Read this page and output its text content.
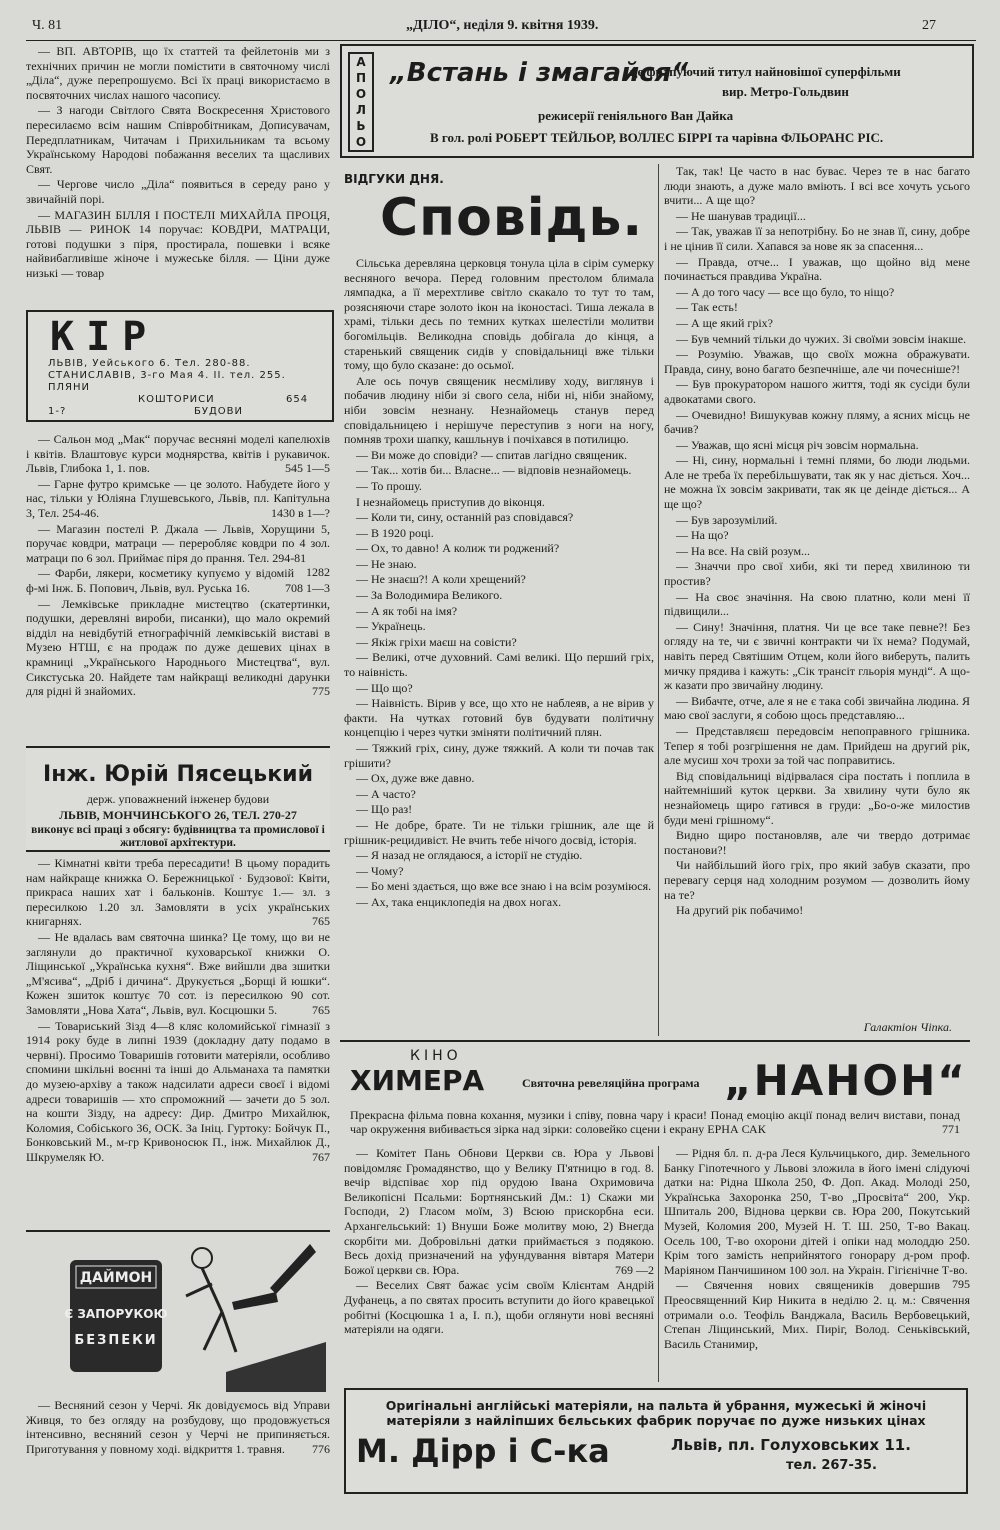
Ч. 81	„ДІЛО“, неділя 9. квітня 1939.	27

— ВП. АВТОРІВ, що їх статтей та фейлетонів ми з технічних причин не могли помістити в святочному числі „Діла“, дуже перепрошуємо. Всі їх праці використаємо в посвяточних числах нашого часопису.

— З нагоди Світлого Свята Воскресення Христового пересилаємо всім нашим Співробітникам, Дописувачам, Передплатникам, Читачам і Прихильникам та всьому Українському Народові побажання веселих та щасливих Свят.

— Чергове число „Діла“ появиться в середу рано у звичайній порі.

— МАГАЗИН БІЛЛЯ І ПОСТЕЛІ МИХАЙЛА ПРОЦЯ, ЛЬВІВ — РИНОК 14 поручає: КОВДРИ, МАТРАЦИ, готові подушки з піря, простирала, пошевки і всяке найвибагливіше жіноче і мужеське білля. — Ціни дуже низькі — товар

КІР
ЛЬВІВ, Уейського 6. Тел. 280-88.
СТАНИСЛАВІВ, 3-го Мая 4. II. тел. 255.
ПЛЯНИ
КОШТОРИСИ	654
БУДОВИ
1-?

— Сальон мод „Мак“ поручає весняні моделі капелюхів і квітів. Влаштовує курси моднярства, квітів і рукавичок. Львів, Глибока 1, 1. пов.	545 1—5

— Гарне футро кримське — це золото. Набудете його у нас, тільки у Юліяна Глушевського, Львів, пл. Капітульна 3, Тел. 254-46.	1430 в 1—?

— Магазин постелі Р. Джала — Львів, Хорущини 5, поручає ковдри, матраци — переробляє ковдри по 4 зол. матраци по 6 зол. Приймає піря до прання. Тел. 294-81
1282

— Фарби, лякери, косметику купуємо у відомій ф-мі Інж. Б. Попович, Львів, вул. Руська 16.	708 1—3

— Лемківське прикладне мистецтво (скатертинки, подушки, деревляні вироби, писанки), що мало окремий відділ на невідбутій етнографічній лемківській виставі в Музею НТШ, є на продаж по дуже дешевих цінах в крамниці „Українського Народнього Мистецтва“, вул. Сикстуська 20. Найдете там найкращі великодні дарунки для рідні й знайомих.	775

Інж. Юрій Пясецький
держ. уповажнений інженер будови
ЛЬВІВ, МОНЧИНСЬКОГО 26, ТЕЛ. 270-27
виконує всі праці з обсягу: будівництва та промислової і житлової архітектури.

— Кімнатні квіти треба пересадити! В цьому порадить нам найкраще книжка О. Бережницької · Будзової: Квіти, прикраса наших хат і бальконів. Коштує 1.— зл. з пересилкою 1.20 зл. Замовляти в усіх українських книгарнях.	765

— Не вдалась вам святочна шинка? Це тому, що ви не заглянули до практичної куховарської книжки О. Ліщинської „Українська кухня“. Вже вийшли два зшитки „М'ясива“, „Дріб і дичина“. Друкується „Борщі й юшки“. Кожен зшиток коштує 70 сот. із пересилкою 90 сот. Замовляти „Нова Хата“, Львів, вул. Косцюшки 5.	765

— Товариський Зізд 4—8 кляс коломийської гімназії з 1914 року буде в липні 1939 (докладну дату подамо в червні). Просимо Товаришів готовити матеріяли, особливо спомини шкільні воєнні та інші до Альманаха та памятки до музею-архіву а також надсилати адреси своєї і відомі адреси товаришів — хто спроможний — зачети до 5 зол. на кошти Зізду, на адресу: Дир. Дмитро Михайлюк, Коломия, Собіського 36, ОСК. За Ініц. Гуртоку: Бойчук П., Бонковський М., м-гр Кривоносюк П., інж. Михайлюк Д., Шкрумеляк Ю.	767

ДАЙМОН
Є ЗАПОРУКОЮ
БЕЗПЕКИ

— Весняний сезон у Черчі. Як довідуємось від Управи Живця, то без огляду на розбудову, що продовжується інтенсивно, весняний сезон у Черчі не припиняється. Приготування у повному ході. відкриття 1. травня.	776

А
П
О
Л
Ь
О
„Встань і змагайся“
це фрапуючий титул найновішої суперфільми
вир. Метро-Гольдвин
режисерії геніяльного Ван Дайка
В гол. ролі РОБЕРТ ТЕЙЛЬОР, ВОЛЛЕС БІРРІ та чарівна ФЛЬОРАНС РІС.
ВІДГУКИ ДНЯ.
Сповідь.

Сільська деревляна церковця тонула ціла в сірім сумерку весняного вечора. Перед головним престолом блимала лямпадка, а її мерехтливе світло скакало то тут то там, розясняючи старе золото ікон на іконостасі. Тиша лежала в храмі, тільки десь по темних кутках шелестіли молитви богомільців. Великодна сповідь добігала до кінця, а старенький священик сидів у сповідальниці вже тільки тому, що було сказане: до осьмої.

Але ось почув священик несміливу ходу, виглянув і побачив людину ніби зі свого села, ніби ні, ніби знайому, ніби зовсім незнану. Незнайомець станув перед сповідальницею і нерішуче переступив з ноги на ногу, помняв трохи шапку, кашльнув і почіхався в потилицю.

— Ви може до сповіди? — спитав лагідно священик.

— Так... хотів би... Власне... — відповів незнайомець.

— То прошу.

І незнайомець приступив до віконця.

— Коли ти, сину, останній раз сповідався?

— В 1920 році.

— Ох, то давно! А колиж ти роджений?

— Не знаю.

— Не знаєш?! А коли хрещений?

— За Володимира Великого.

— А як тобі на імя?

— Українець.

— Якіж гріхи маєш на совісти?

— Великі, отче духовний. Самі великі. Що перший гріх, то наівність.

— Що що?

— Наівність. Вірив у все, що хто не наблеяв, а не вірив у факти. На чутках готовий був будувати політичну концепцію і через чутки зміняти політичний плян.

— Тяжкий гріх, сину, дуже тяжкий. А коли ти почав так грішити?

— Ох, дуже вже давно.

— А часто?

— Що раз!

— Не добре, брате. Ти не тільки грішник, але ще й грішник-рецидивіст. Не вчить тебе нічого досвід, історія.

— Я назад не оглядаюся, а історії не студію.

— Чому?

— Бо мені здається, що вже все знаю і на всім розуміюся.

— Ах, така енциклопедія на двох ногах.

Так, так! Це часто в нас буває. Через те в нас багато люди знають, а дуже мало вміють. І всі все хочуть усього вчити... А ще що?

— Не шанував традиції...

— Так, уважав її за непотрібну. Бо не знав її, сину, добре і не цінив її сили. Хапався за нове як за спасення...

— Правда, отче... І уважав, що щойно від мене починається правдива Україна.

— А до того часу — все що було, то ніщо?

— Так есть!

— А ще який гріх?

— Був чемний тільки до чужих. Зі своїми зовсім інакше.

— Розумію. Уважав, що своїх можна ображувати. Правда, сину, воно багато безпечніше, але чи почесніше?!

— Був прокуратором нашого життя, тоді як сусіди були адвокатами свого.

— Очевидно! Вишукував кожну пляму, а ясних місць не бачив?

— Уважав, що ясні місця річ зовсім нормальна.

— Ні, сину, нормальні і темні плями, бо люди людьми. Але не треба їх перебільшувати, так як у нас діється. Хоч... не можна їх зовсім закривати, так як це деінде діється... А ще що?

— Був зарозумілий.

— На що?

— На все. На свій розум...

— Значчи про свої хиби, які ти перед хвилиною ти простив?

— На своє значіння. На свою платню, коли мені її підвищили...

— Сину! Значіння, платня. Чи це все таке певне?! Без огляду на те, чи є звичні контракти чи їх нема? Подумай, навіть перед Святішим Отцем, коли його виберуть, палить мичку прядива і кажуть: „Сік трансіт гльорія мунді“. А що-ж казати про звичайну людину.

— Вибачте, отче, але я не є така собі звичайна людина. Я маю свої заслуги, я собою щось представляю...

— Представляєш передовсім непоправного грішника. Тепер я тобі розгрішення не дам. Прийдеш на другий рік, але мусиш хоч трохи за той час поправитись.

Від сповідальниці відірвалася сіра постать і поплила в найтемніший куток церкви. За хвилину чути було як незнайомець щиро гатився в груди: „Бо-о-же милостив буди мені грішному“.

Видно щиро постановляв, але чи твердо дотримає постанови?!

Чи найбільший його гріх, про який забув сказати, про перевагу серця над холодним розумом — дозволить йому на те?

На другий рік побачимо!

Галактіон Чіпка.
КІНО
ХИМЕРА	Святочна ревеляційна програма „НАНОН“
Прекрасна фільма повна кохання, музики і співу, повна чару і краси! Понад емоцію акції понад велич вистави, понад чар окруження вибивається зірка над зірки: соловейко сцени і екрану ЕРНА САК	771

— Комітет Пань Обнови Церкви св. Юра у Львові повідомляє Громадянство, що у Велику П'ятницю в год. 8. вечір відспіває хор під орудою Івана Охримовича Великопісні Псальми: Бортнянський Дм.: 1) Скажи ми Господи, 2) Гласом моїм, 3) Всюю прискорбна еси. Архангельський: 1) Внуши Боже молитву мою, 2) Внегда скорбіти ми. Добровільні датки приймається з подякою. Весь дохід призначений на уфундування вівтаря Матери Божої церкви св. Юра.	769 —2

— Веселих Свят бажає усім своїм Клієнтам Андрій Дуфанець, а по святах просить вступити до його кравецької робітні (Косцюшка 1 а, І. п.), щоби оглянути нові весняні матеріяли на одяги.

— Рідня бл. п. д-ра Леся Кульчицького, дир. Земельного Банку Гіпотечного у Львові зложила в його імені слідуючі датки на: Рідна Школа 250, Ф. Доп. Акад. Молоді 250, Українська Захоронка 250, Т-во „Просвіта“ 200, Укр. Шпиталь 200, Віднова церкви св. Юра 200, Покутський Музей, Коломия 200, Музей Н. Т. Ш. 250, Т-во Вакац. Осель 100, Т-во охорони дітей і опіки над молоддю 250. Крім того замість неприйнятого гонорару д-ром проф. Маріяном Панчишином 100 зол. на Украін. Гігієнічне Т-во.
795

— Свячення нових священиків довершив Преосвященний Кир Никита в неділю 2. ц. м.: Свячення отримали о.о. Теофіль Ванджала, Василь Вербовецький, Степан Ліщинський, Мих. Пиріг, Волод. Сеньківський, Василь Станимир,

Оригінальні англійські матеріяли, на пальта й убрання, мужеські й жіночі
матеріяли з найліпших бєльських фабрик поручає по дуже низьких цінах
М. Дірр і С-ка	Львів, пл. Голуховських 11.
тел. 267-35.
